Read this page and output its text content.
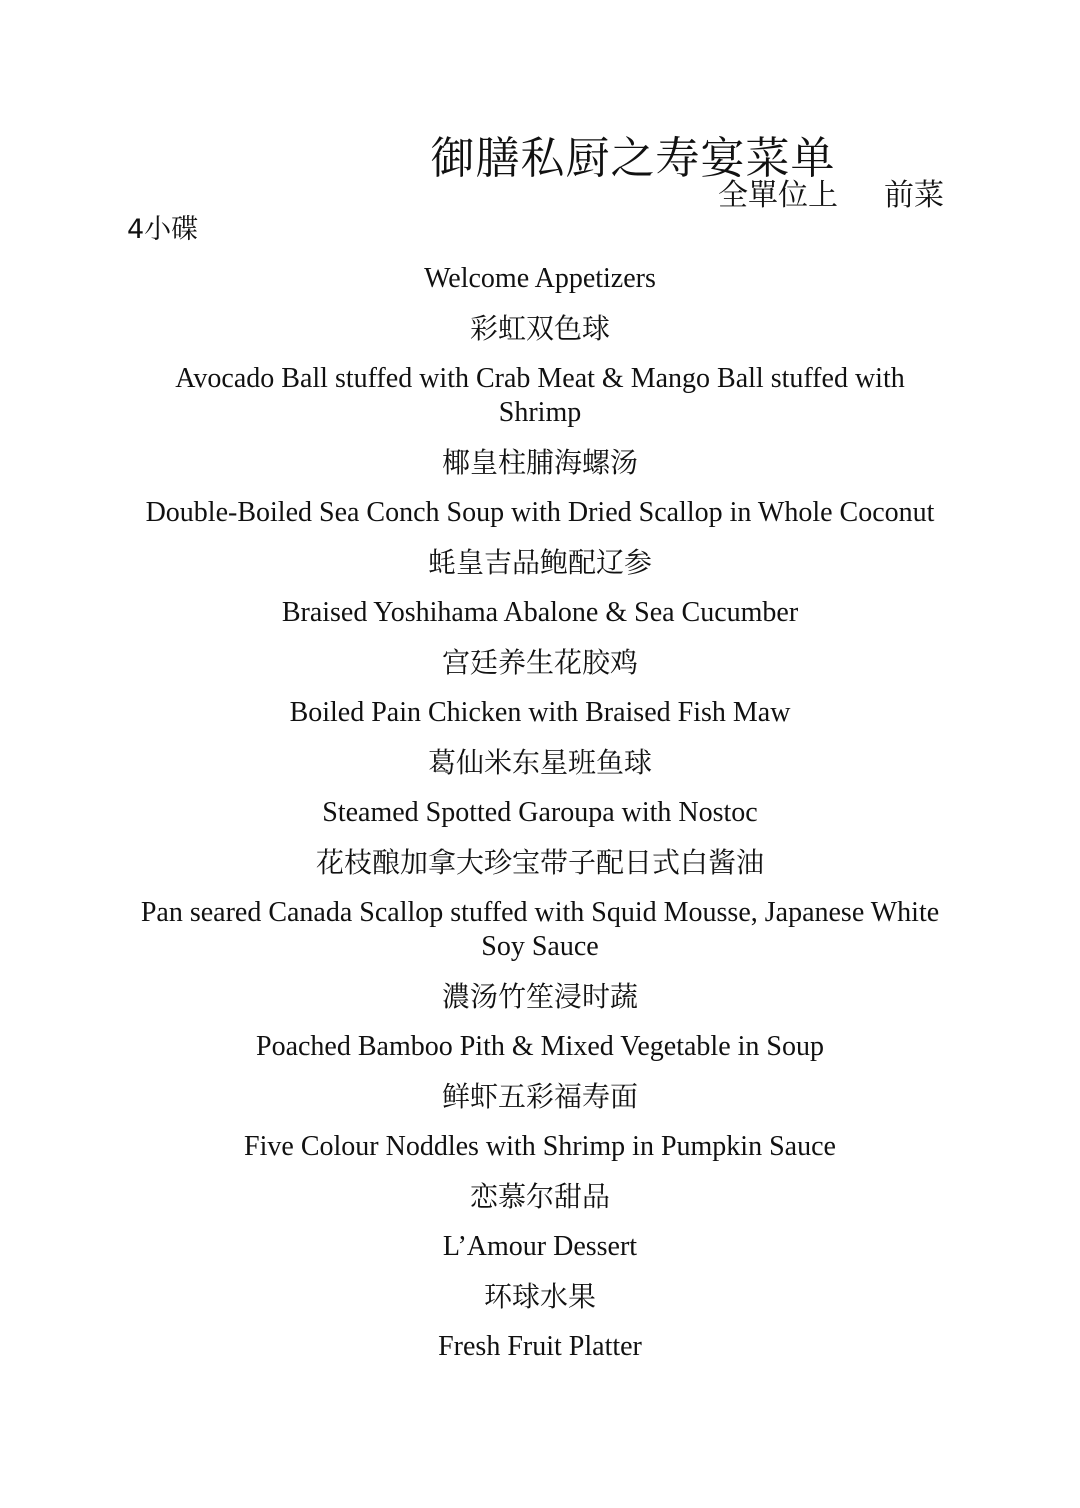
御膳私厨之寿宴菜单
全單位上 前菜
4小碟
Welcome Appetizers
彩虹双色球
Avocado Ball stuffed with Crab Meat & Mango Ball stuffed with Shrimp
椰皇柱脯海螺汤
Double-Boiled Sea Conch Soup with Dried Scallop in Whole Coconut
蚝皇吉品鲍配辽参
Braised Yoshihama Abalone & Sea Cucumber
宫廷养生花胶鸡
Boiled Pain Chicken with Braised Fish Maw
葛仙米东星班鱼球
Steamed Spotted Garoupa with Nostoc
花枝酿加拿大珍宝带子配日式白酱油
Pan seared Canada Scallop stuffed with Squid Mousse, Japanese White Soy Sauce
濃汤竹笙浸时蔬
Poached Bamboo Pith & Mixed Vegetable in Soup
鲜虾五彩福寿面
Five Colour Noddles with Shrimp in Pumpkin Sauce
恋慕尔甜品
L’Amour Dessert
环球水果
Fresh Fruit Platter
